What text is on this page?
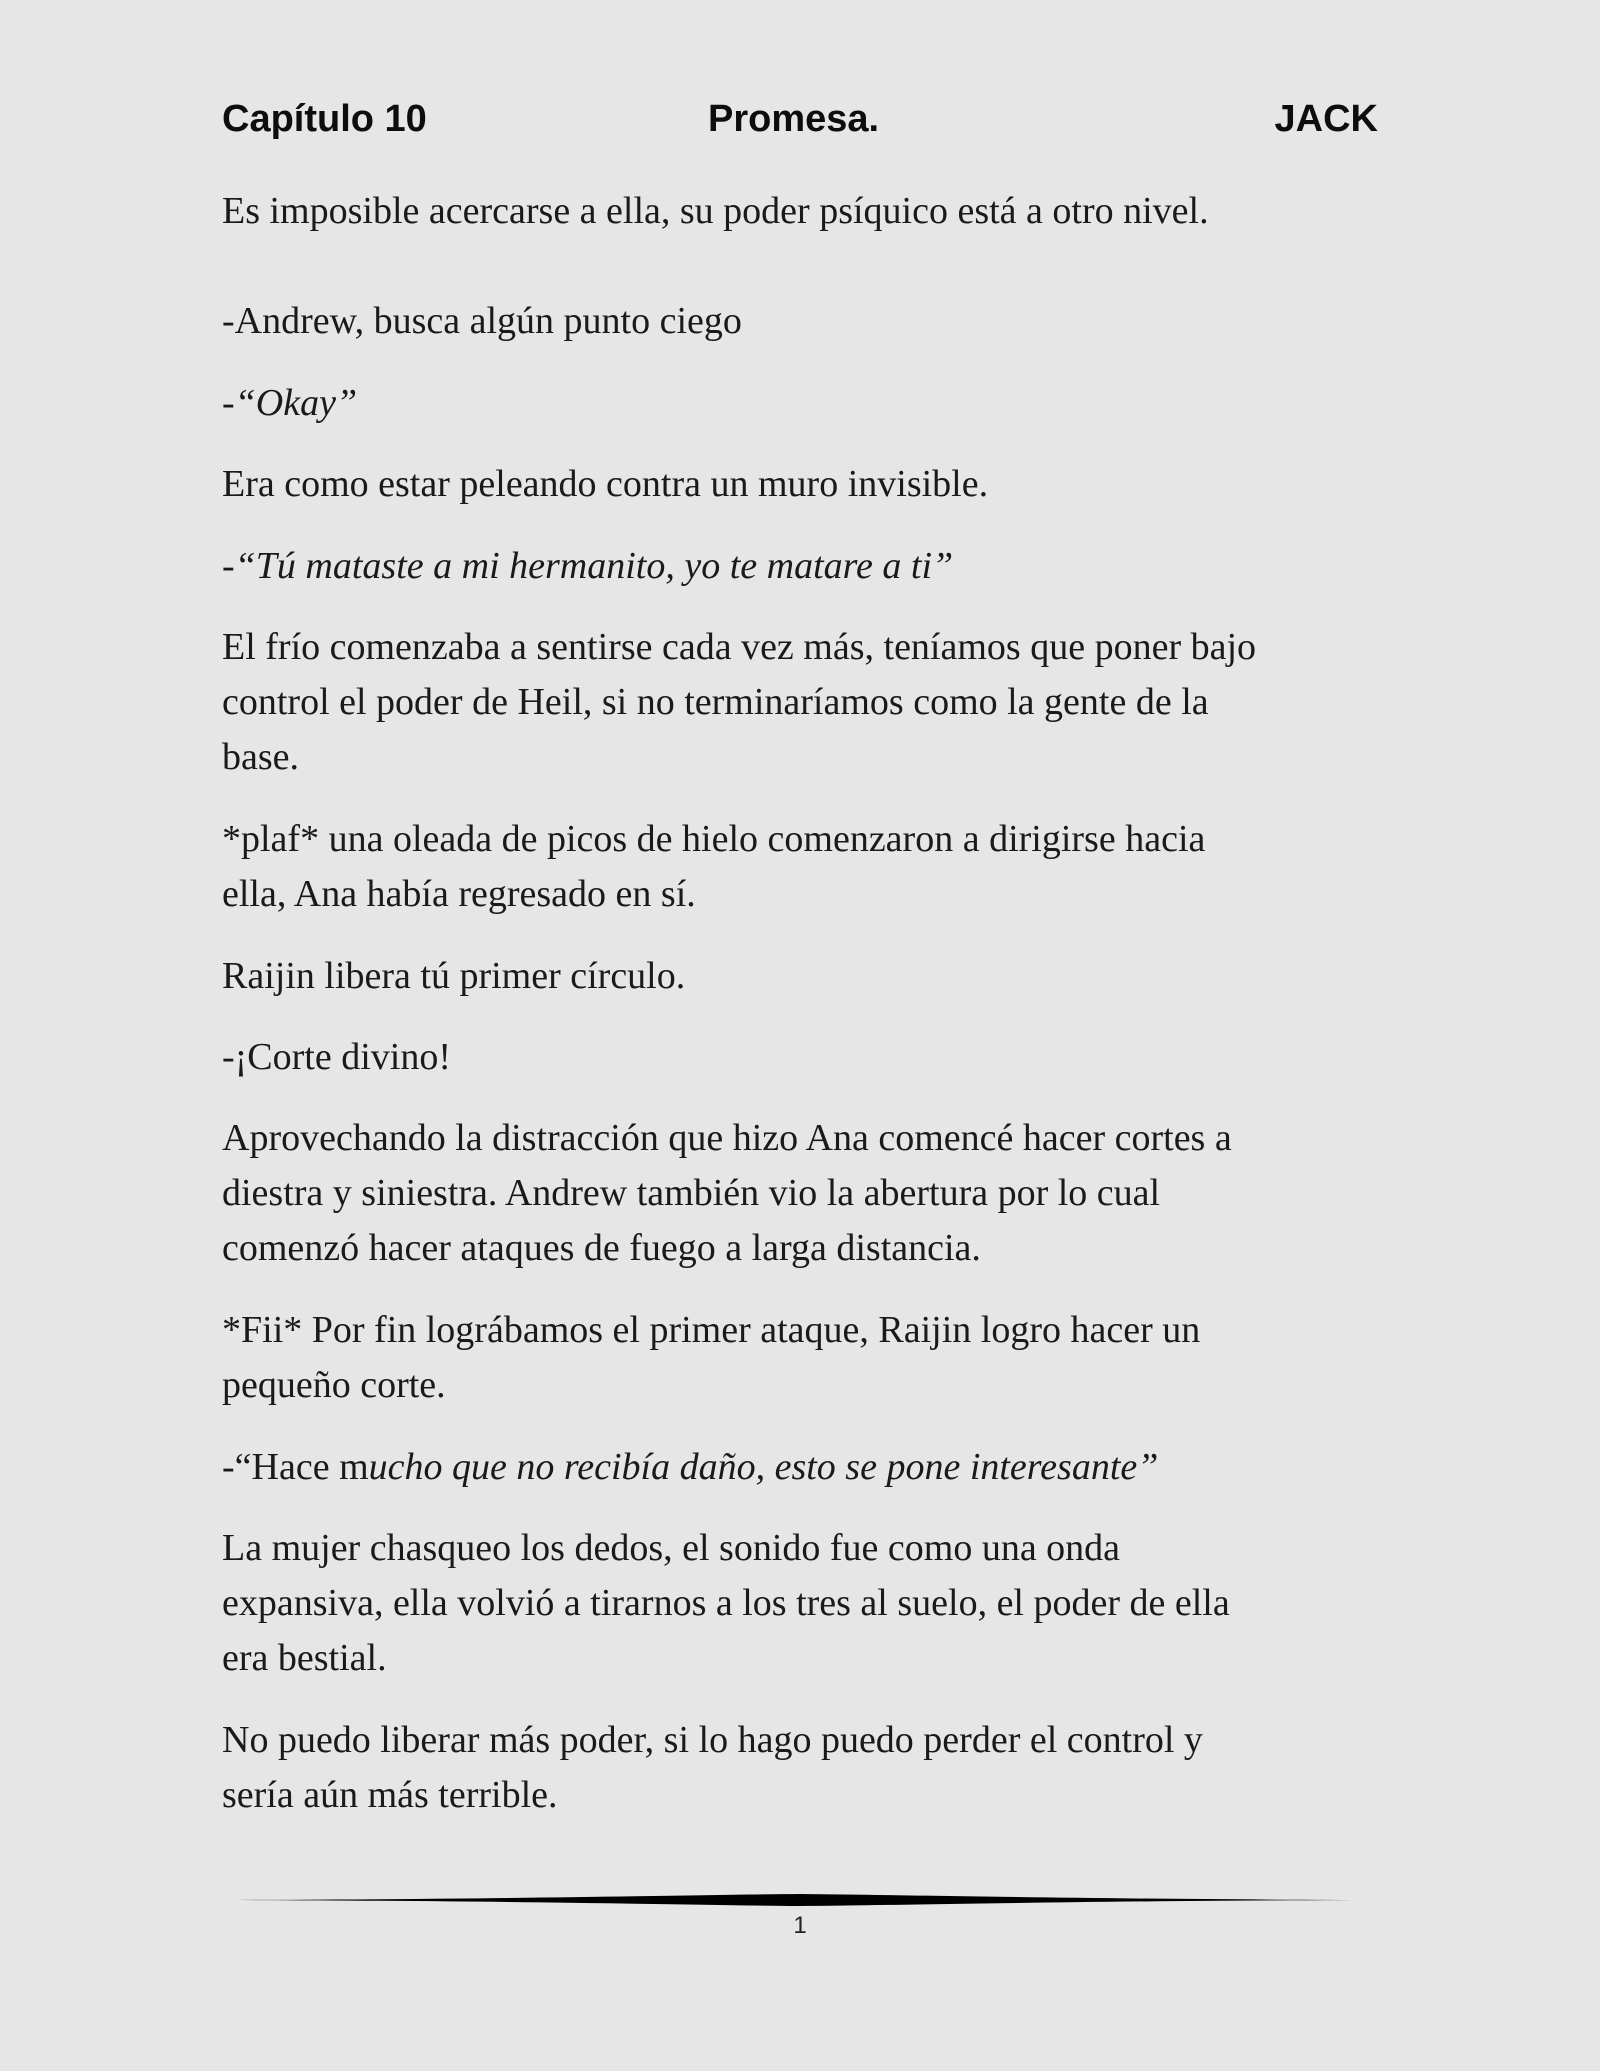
Capítulo 10	Promesa.	JACK

Es imposible acercarse a ella, su poder psíquico está a otro nivel.

-Andrew, busca algún punto ciego

-“Okay”

Era como estar peleando contra un muro invisible.

-“Tú mataste a mi hermanito, yo te matare a ti”

El frío comenzaba a sentirse cada vez más, teníamos que poner bajo
control el poder de Heil, si no terminaríamos como la gente de la
base.

*plaf* una oleada de picos de hielo comenzaron a dirigirse hacia
ella, Ana había regresado en sí.

Raijin libera tú primer círculo.

-¡Corte divino!

Aprovechando la distracción que hizo Ana comencé hacer cortes a
diestra y siniestra. Andrew también vio la abertura por lo cual
comenzó hacer ataques de fuego a larga distancia.

*Fii* Por fin lográbamos el primer ataque, Raijin logro hacer un
pequeño corte.

-“Hace mucho que no recibía daño, esto se pone interesante”

La mujer chasqueo los dedos, el sonido fue como una onda
expansiva, ella volvió a tirarnos a los tres al suelo, el poder de ella
era bestial.

No puedo liberar más poder, si lo hago puedo perder el control y
sería aún más terrible.

1
